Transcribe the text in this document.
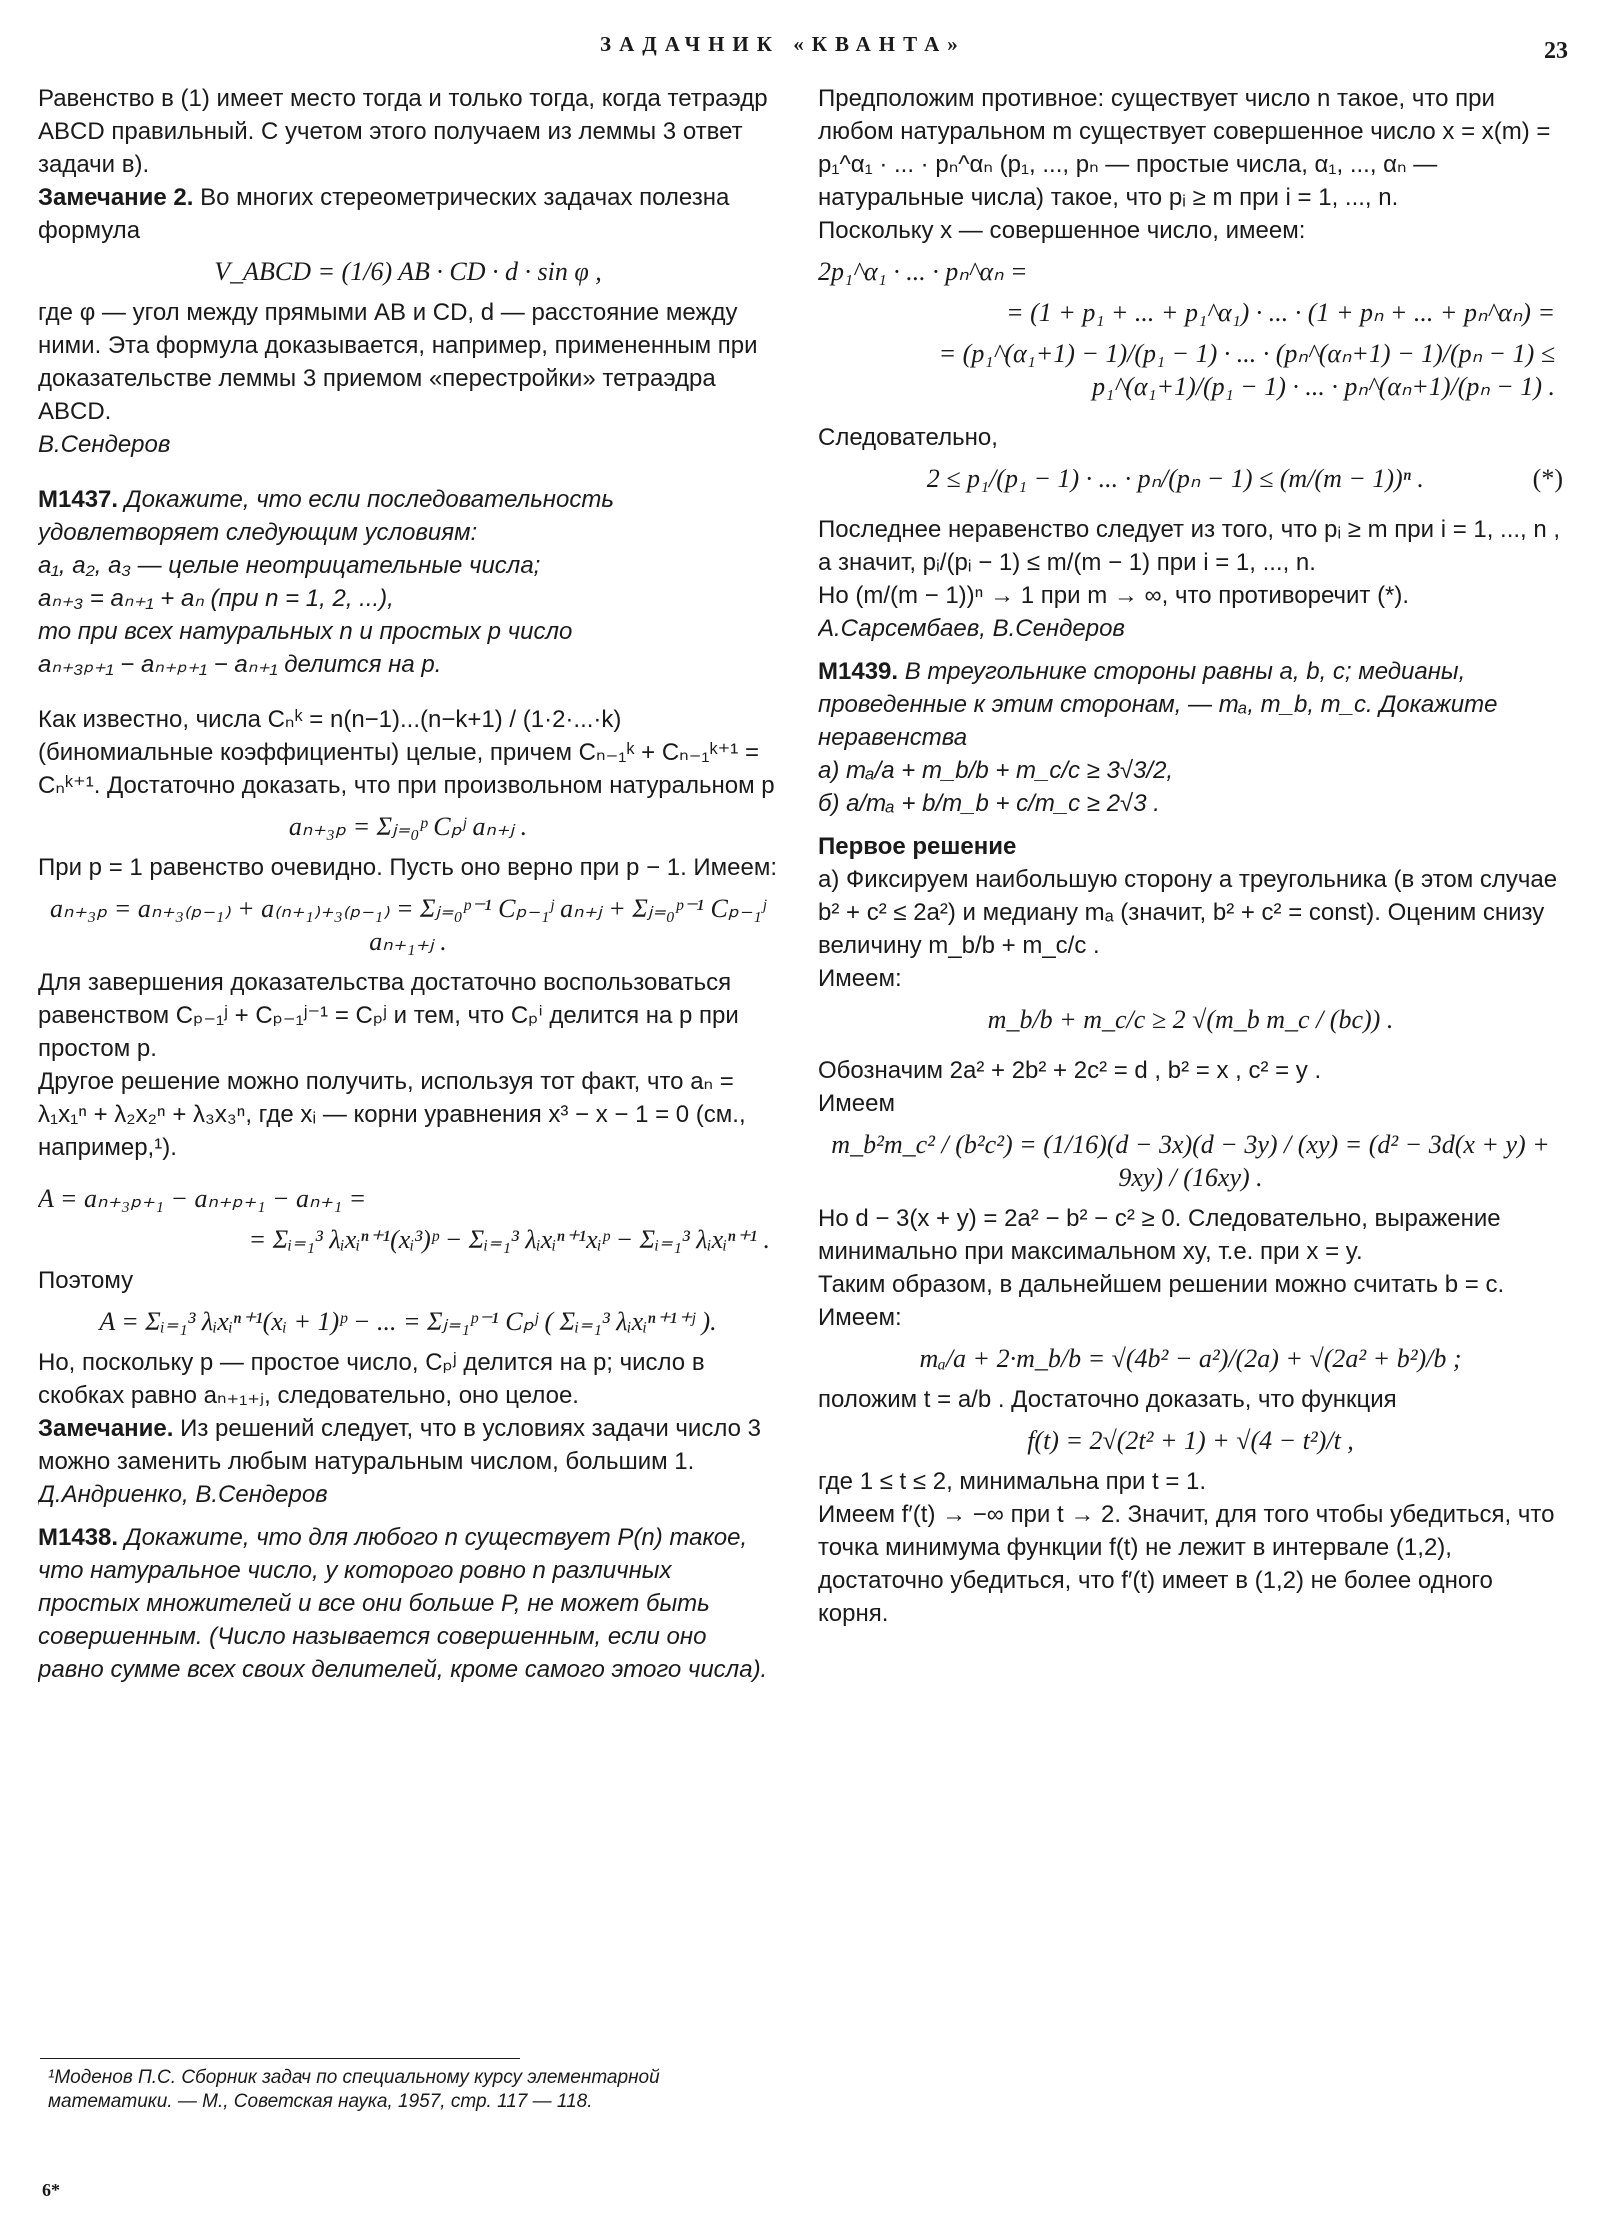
ЗАДАЧНИК «КВАНТА»	23

Равенство в (1) имеет место тогда и только тогда, когда тетраэдр ABCD правильный. С учетом этого получаем из леммы 3 ответ задачи в).

Замечание 2. Во многих стереометрических задачах полезна формула

V_ABCD = (1/6) AB · CD · d · sin φ ,

где φ — угол между прямыми AB и CD, d — расстояние между ними. Эта формула доказывается, например, примененным при доказательстве леммы 3 приемом «перестройки» тетраэдра ABCD.

В.Сендеров

М1437. Докажите, что если последовательность удовлетворяет следующим условиям:

a₁, a₂, a₃ — целые неотрицательные числа;

aₙ₊₃ = aₙ₊₁ + aₙ (при n = 1, 2, ...),

то при всех натуральных n и простых p число

aₙ₊₃ₚ₊₁ − aₙ₊ₚ₊₁ − aₙ₊₁ делится на p.

Как известно, числа Cₙᵏ = n(n−1)...(n−k+1) / (1·2·...·k) (биномиальные коэффициенты) целые, причем Cₙ₋₁ᵏ + Cₙ₋₁ᵏ⁺¹ = Cₙᵏ⁺¹. Достаточно доказать, что при произвольном натуральном p

aₙ₊₃ₚ = Σⱼ₌₀ᵖ Cₚʲ aₙ₊ⱼ .

При p = 1 равенство очевидно. Пусть оно верно при p − 1. Имеем:

aₙ₊₃ₚ = aₙ₊₃₍ₚ₋₁₎ + a₍ₙ₊₁₎₊₃₍ₚ₋₁₎ = Σⱼ₌₀ᵖ⁻¹ Cₚ₋₁ʲ aₙ₊ⱼ + Σⱼ₌₀ᵖ⁻¹ Cₚ₋₁ʲ aₙ₊₁₊ⱼ .

Для завершения доказательства достаточно воспользоваться равенством Cₚ₋₁ʲ + Cₚ₋₁ʲ⁻¹ = Cₚʲ и тем, что Cₚⁱ делится на p при простом p.

Другое решение можно получить, используя тот факт, что aₙ = λ₁x₁ⁿ + λ₂x₂ⁿ + λ₃x₃ⁿ, где xᵢ — корни уравнения x³ − x − 1 = 0 (см., например,¹).

A = aₙ₊₃ₚ₊₁ − aₙ₊ₚ₊₁ − aₙ₊₁ =
= Σᵢ₌₁³ λᵢxᵢⁿ⁺¹(xᵢ³)ᵖ − Σᵢ₌₁³ λᵢxᵢⁿ⁺¹xᵢᵖ − Σᵢ₌₁³ λᵢxᵢⁿ⁺¹ .

Поэтому

A = Σᵢ₌₁³ λᵢxᵢⁿ⁺¹(xᵢ + 1)ᵖ − ... = Σⱼ₌₁ᵖ⁻¹ Cₚʲ ( Σᵢ₌₁³ λᵢxᵢⁿ⁺¹⁺ʲ ).

Но, поскольку p — простое число, Cₚʲ делится на p; число в скобках равно aₙ₊₁₊ⱼ, следовательно, оно целое.

Замечание. Из решений следует, что в условиях задачи число 3 можно заменить любым натуральным числом, большим 1.

Д.Андриенко, В.Сендеров

М1438. Докажите, что для любого n существует P(n) такое, что натуральное число, у которого ровно n различных простых множителей и все они больше P, не может быть совершенным. (Число называется совершенным, если оно равно сумме всех своих делителей, кроме самого этого числа).

¹Моденов П.С. Сборник задач по специальному курсу элементарной математики. — М., Советская наука, 1957, стр. 117 — 118.
6*

Предположим противное: существует число n такое, что при любом натуральном m существует совершенное число x = x(m) = p₁^α₁ · ... · pₙ^αₙ (p₁, ..., pₙ — простые числа, α₁, ..., αₙ — натуральные числа) такое, что pᵢ ≥ m при i = 1, ..., n.

Поскольку x — совершенное число, имеем:

2p₁^α₁ · ... · pₙ^αₙ =
= (1 + p₁ + ... + p₁^α₁) · ... · (1 + pₙ + ... + pₙ^αₙ) =
= (p₁^(α₁+1) − 1)/(p₁ − 1) · ... · (pₙ^(αₙ+1) − 1)/(pₙ − 1) ≤ p₁^(α₁+1)/(p₁ − 1) · ... · pₙ^(αₙ+1)/(pₙ − 1) .

Следовательно,

2 ≤ p₁/(p₁ − 1) · ... · pₙ/(pₙ − 1) ≤ (m/(m − 1))ⁿ .	(*)

Последнее неравенство следует из того, что pᵢ ≥ m при i = 1, ..., n , а значит, pᵢ/(pᵢ − 1) ≤ m/(m − 1) при i = 1, ..., n.

Но (m/(m − 1))ⁿ → 1 при m → ∞, что противоречит (*).

А.Сарсембаев, В.Сендеров

М1439. В треугольнике стороны равны a, b, c; медианы, проведенные к этим сторонам, — mₐ, m_b, m_c. Докажите неравенства

а) mₐ/a + m_b/b + m_c/c ≥ 3√3/2,

б) a/mₐ + b/m_b + c/m_c ≥ 2√3 .

Первое решение

а) Фиксируем наибольшую сторону a треугольника (в этом случае b² + c² ≤ 2a²) и медиану mₐ (значит, b² + c² = const). Оценим снизу величину m_b/b + m_c/c .

Имеем:

m_b/b + m_c/c ≥ 2 √(m_b m_c / (bc)) .

Обозначим 2a² + 2b² + 2c² = d , b² = x , c² = y .

Имеем

m_b²m_c² / (b²c²) = (1/16)(d − 3x)(d − 3y) / (xy) = (d² − 3d(x + y) + 9xy) / (16xy) .

Но d − 3(x + y) = 2a² − b² − c² ≥ 0. Следовательно, выражение минимально при максимальном xy, т.е. при x = y.

Таким образом, в дальнейшем решении можно считать b = c. Имеем:

mₐ/a + 2·m_b/b = √(4b² − a²)/(2a) + √(2a² + b²)/b ;

положим t = a/b . Достаточно доказать, что функция

f(t) = 2√(2t² + 1) + √(4 − t²)/t ,

где 1 ≤ t ≤ 2, минимальна при t = 1.

Имеем f′(t) → −∞ при t → 2. Значит, для того чтобы убедиться, что точка минимума функции f(t) не лежит в интервале (1,2), достаточно убедиться, что f′(t) имеет в (1,2) не более одного корня.
